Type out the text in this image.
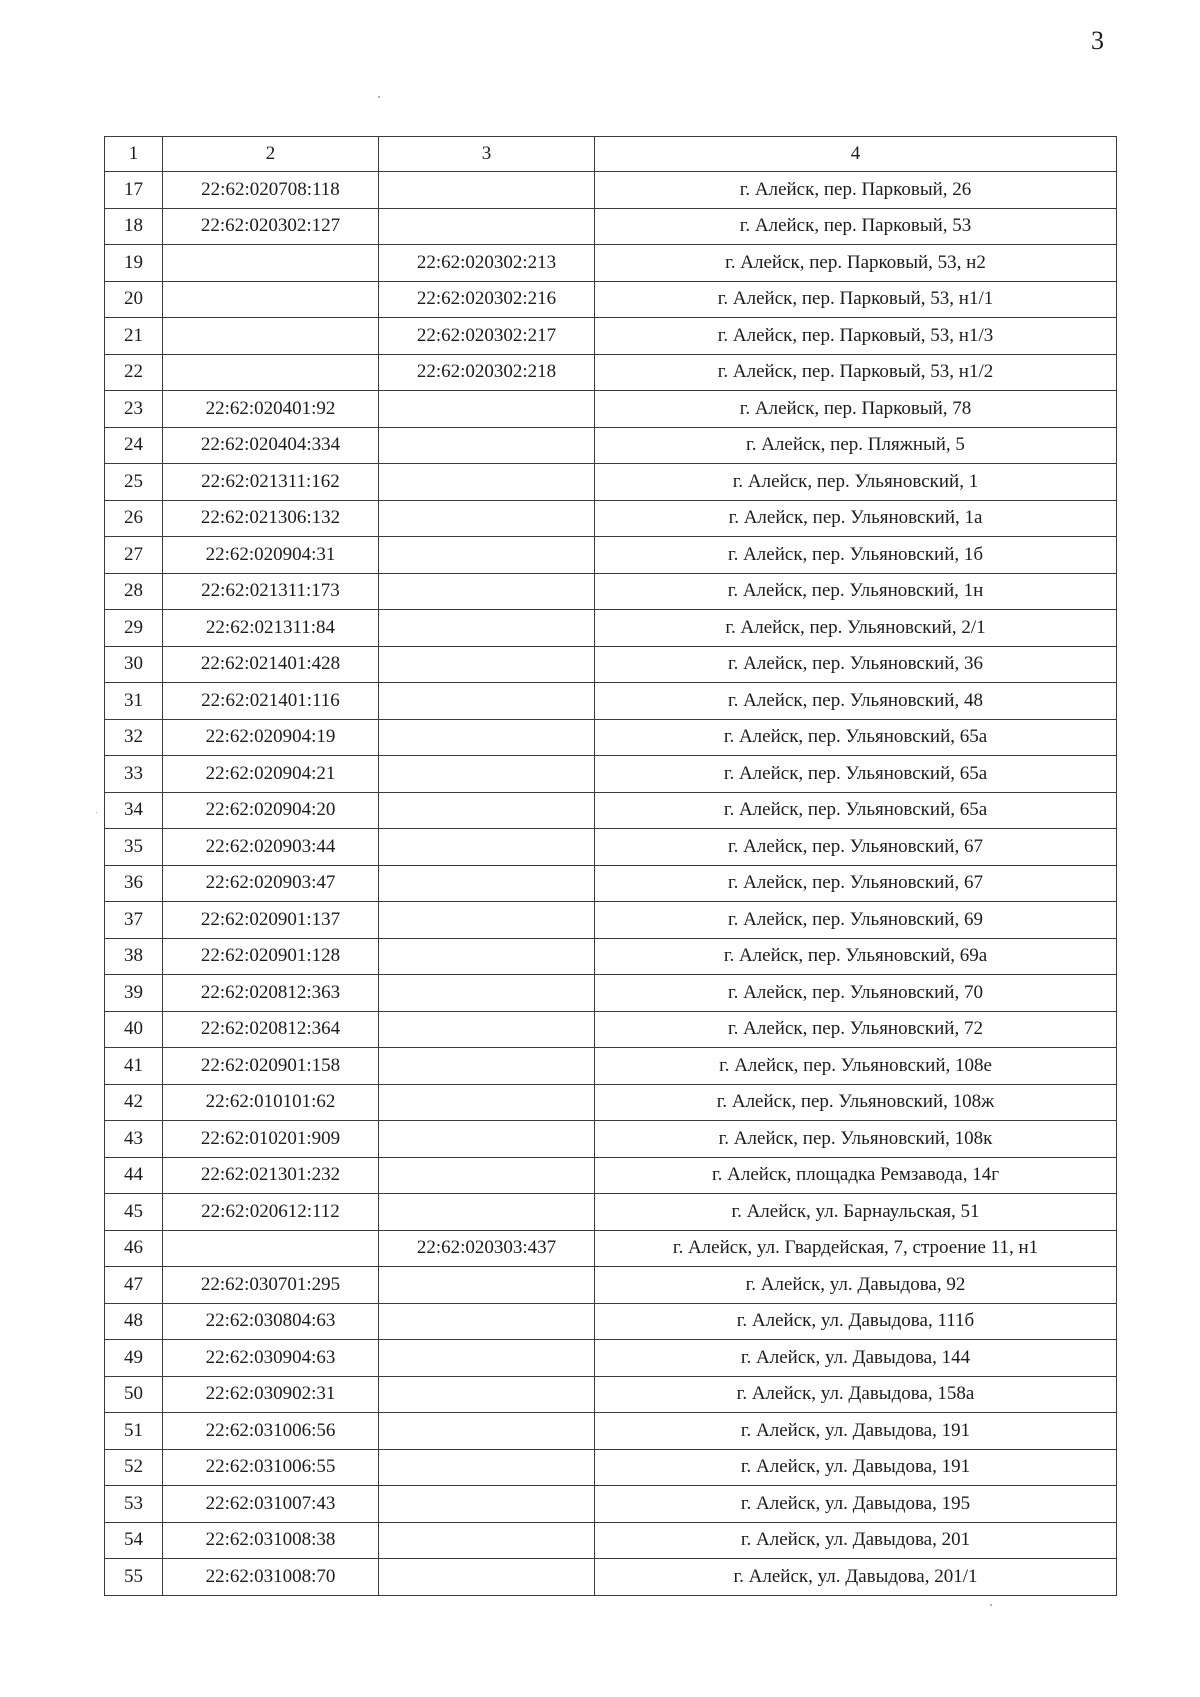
3
1	2	3	4
17	22:62:020708:118		г. Алейск, пер. Парковый, 26
18	22:62:020302:127		г. Алейск, пер. Парковый, 53
19		22:62:020302:213	г. Алейск, пер. Парковый, 53, н2
20		22:62:020302:216	г. Алейск, пер. Парковый, 53, н1/1
21		22:62:020302:217	г. Алейск, пер. Парковый, 53, н1/3
22		22:62:020302:218	г. Алейск, пер. Парковый, 53, н1/2
23	22:62:020401:92		г. Алейск, пер. Парковый, 78
24	22:62:020404:334		г. Алейск, пер. Пляжный, 5
25	22:62:021311:162		г. Алейск, пер. Ульяновский, 1
26	22:62:021306:132		г. Алейск, пер. Ульяновский, 1а
27	22:62:020904:31		г. Алейск, пер. Ульяновский, 1б
28	22:62:021311:173		г. Алейск, пер. Ульяновский, 1н
29	22:62:021311:84		г. Алейск, пер. Ульяновский, 2/1
30	22:62:021401:428		г. Алейск, пер. Ульяновский, 36
31	22:62:021401:116		г. Алейск, пер. Ульяновский, 48
32	22:62:020904:19		г. Алейск, пер. Ульяновский, 65а
33	22:62:020904:21		г. Алейск, пер. Ульяновский, 65а
34	22:62:020904:20		г. Алейск, пер. Ульяновский, 65а
35	22:62:020903:44		г. Алейск, пер. Ульяновский, 67
36	22:62:020903:47		г. Алейск, пер. Ульяновский, 67
37	22:62:020901:137		г. Алейск, пер. Ульяновский, 69
38	22:62:020901:128		г. Алейск, пер. Ульяновский, 69а
39	22:62:020812:363		г. Алейск, пер. Ульяновский, 70
40	22:62:020812:364		г. Алейск, пер. Ульяновский, 72
41	22:62:020901:158		г. Алейск, пер. Ульяновский, 108е
42	22:62:010101:62		г. Алейск, пер. Ульяновский, 108ж
43	22:62:010201:909		г. Алейск, пер. Ульяновский, 108к
44	22:62:021301:232		г. Алейск, площадка Ремзавода, 14г
45	22:62:020612:112		г. Алейск, ул. Барнаульская, 51
46		22:62:020303:437	г. Алейск, ул. Гвардейская, 7, строение 11, н1
47	22:62:030701:295		г. Алейск, ул. Давыдова, 92
48	22:62:030804:63		г. Алейск, ул. Давыдова, 111б
49	22:62:030904:63		г. Алейск, ул. Давыдова, 144
50	22:62:030902:31		г. Алейск, ул. Давыдова, 158а
51	22:62:031006:56		г. Алейск, ул. Давыдова, 191
52	22:62:031006:55		г. Алейск, ул. Давыдова, 191
53	22:62:031007:43		г. Алейск, ул. Давыдова, 195
54	22:62:031008:38		г. Алейск, ул. Давыдова, 201
55	22:62:031008:70		г. Алейск, ул. Давыдова, 201/1
